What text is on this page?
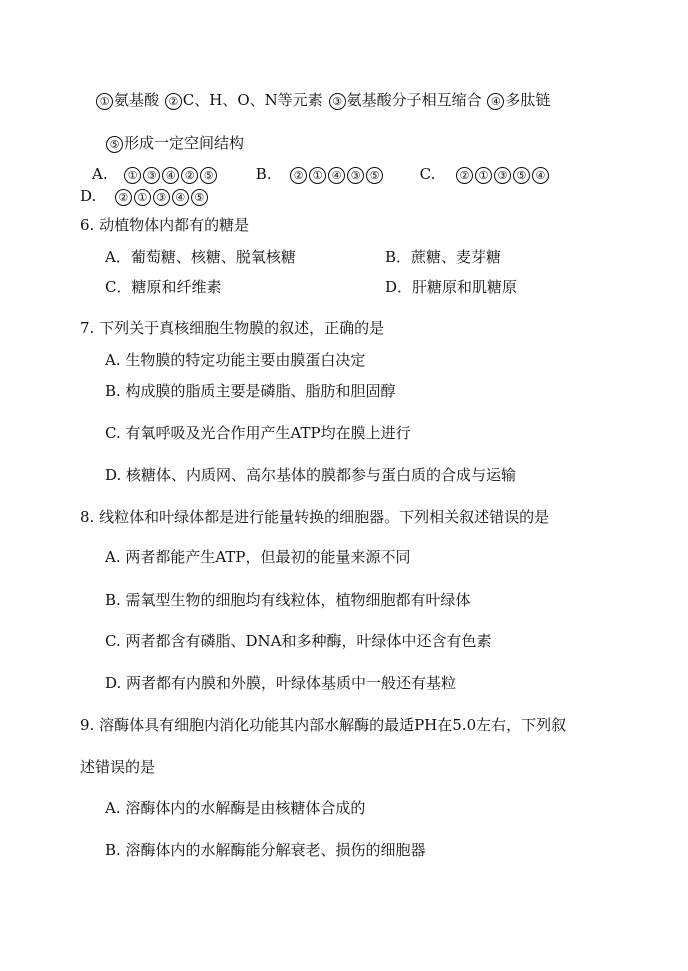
① 氨基酸 ② C、H、O、N等元素 ③ 氨基酸分子相互缩合 ④ 多肽链
⑤ 形成一定空间结构
A. ① ③ ④ ② ⑤	B. ② ① ④ ③ ⑤	C. ② ① ③ ⑤ ④
D. ② ① ③ ④ ⑤
6. 动植物体内都有的糖是
A．葡萄糖、核糖、脱氧核糖	B．蔗糖、麦芽糖
C．糖原和纤维素	D．肝糖原和肌糖原
7. 下列关于真核细胞生物膜的叙述，正确的是
A. 生物膜的特定功能主要由膜蛋白决定
B. 构成膜的脂质主要是磷脂、脂肪和胆固醇
C. 有氧呼吸及光合作用产生ATP均在膜上进行
D. 核糖体、内质网、高尔基体的膜都参与蛋白质的合成与运输
8. 线粒体和叶绿体都是进行能量转换的细胞器。下列相关叙述错误的是
A. 两者都能产生ATP，但最初的能量来源不同
B. 需氧型生物的细胞均有线粒体，植物细胞都有叶绿体
C. 两者都含有磷脂、DNA和多种酶，叶绿体中还含有色素
D. 两者都有内膜和外膜，叶绿体基质中一般还有基粒
9. 溶酶体具有细胞内消化功能其内部水解酶的最适PH在5.0左右，下列叙
述错误的是
A. 溶酶体内的水解酶是由核糖体合成的
B. 溶酶体内的水解酶能分解衰老、损伤的细胞器
